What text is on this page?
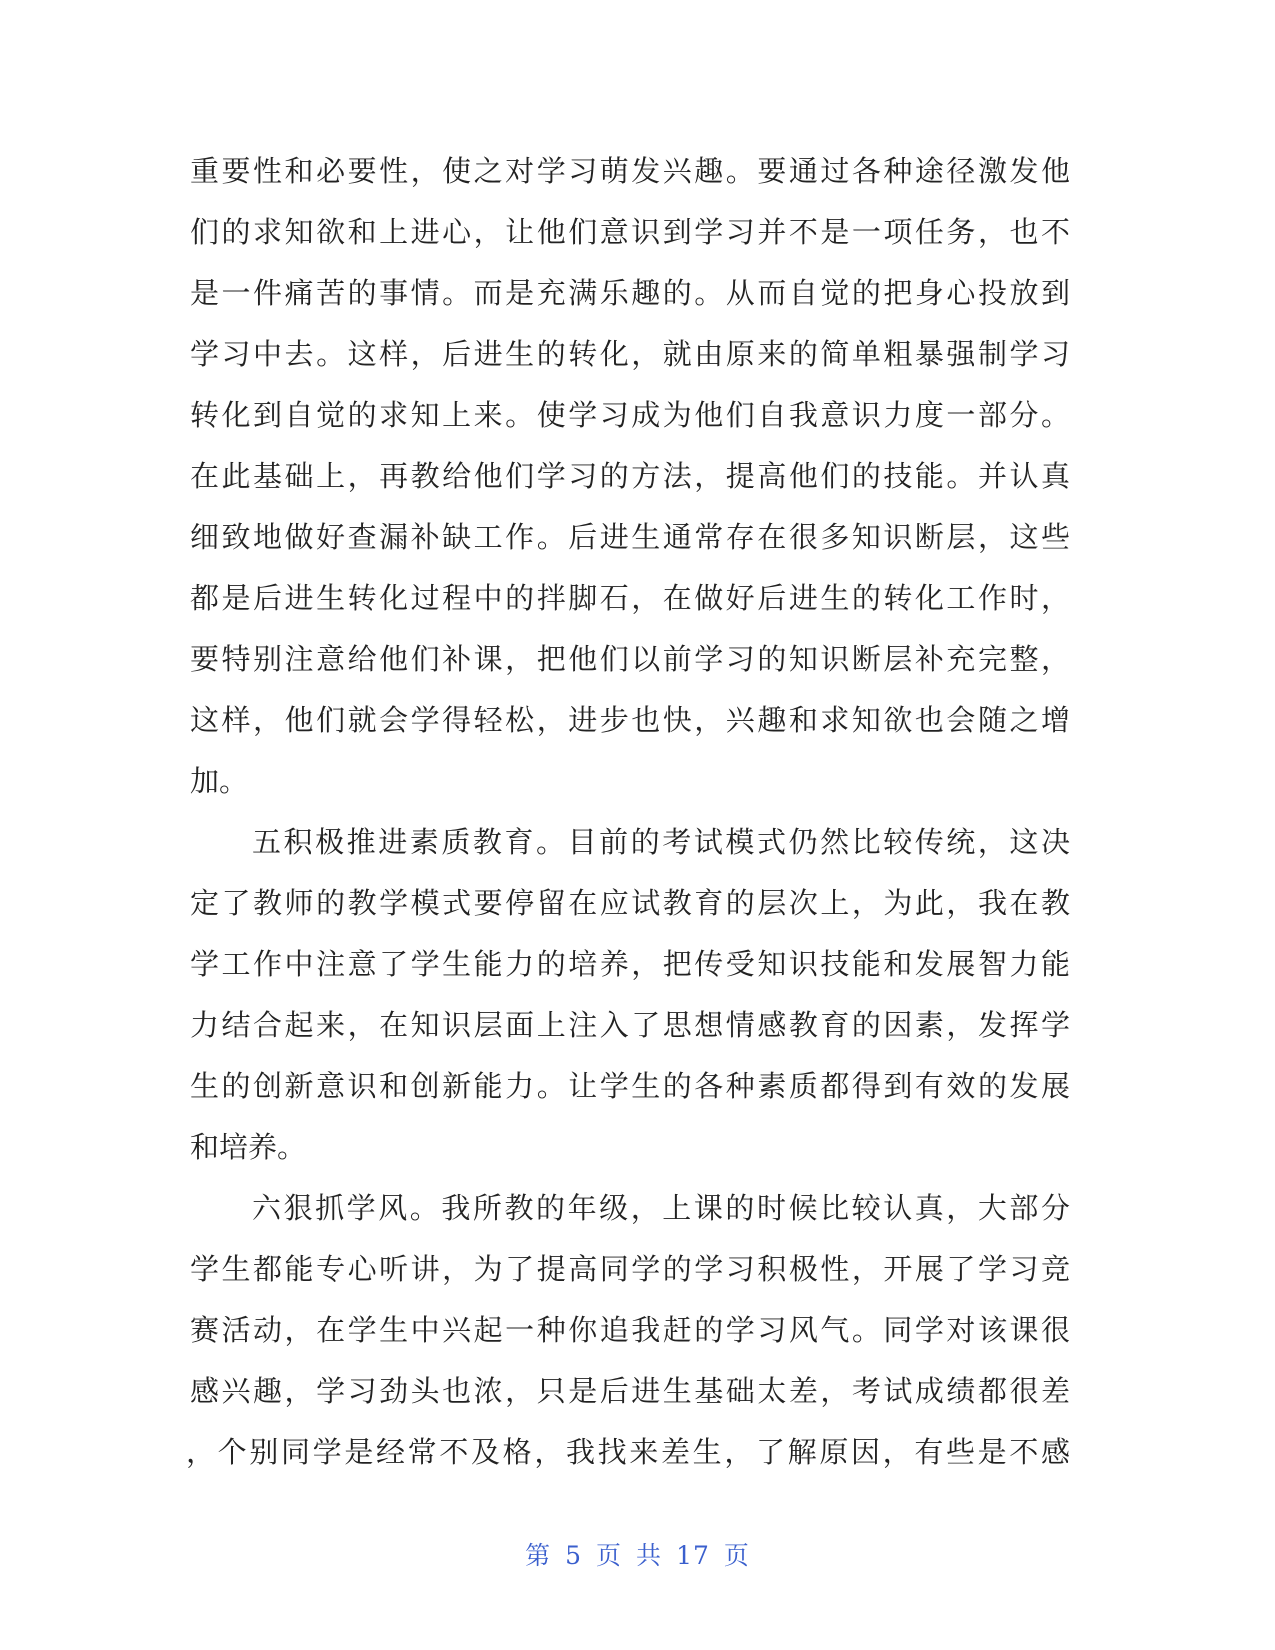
重要性和必要性，使之对学习萌发兴趣。要通过各种途径激发他
们的求知欲和上进心，让他们意识到学习并不是一项任务，也不
是一件痛苦的事情。而是充满乐趣的。从而自觉的把身心投放到
学习中去。这样，后进生的转化，就由原来的简单粗暴强制学习
转化到自觉的求知上来。使学习成为他们自我意识力度一部分。
在此基础上，再教给他们学习的方法，提高他们的技能。并认真
细致地做好查漏补缺工作。后进生通常存在很多知识断层，这些
都是后进生转化过程中的拌脚石，在做好后进生的转化工作时，
要特别注意给他们补课，把他们以前学习的知识断层补充完整，
这样，他们就会学得轻松，进步也快，兴趣和求知欲也会随之增
加。
五积极推进素质教育。目前的考试模式仍然比较传统，这决
定了教师的教学模式要停留在应试教育的层次上，为此，我在教
学工作中注意了学生能力的培养，把传受知识技能和发展智力能
力结合起来，在知识层面上注入了思想情感教育的因素，发挥学
生的创新意识和创新能力。让学生的各种素质都得到有效的发展
和培养。
六狠抓学风。我所教的年级，上课的时候比较认真，大部分
学生都能专心听讲，为了提高同学的学习积极性，开展了学习竞
赛活动，在学生中兴起一种你追我赶的学习风气。同学对该课很
感兴趣，学习劲头也浓，只是后进生基础太差，考试成绩都很差
，个别同学是经常不及格，我找来差生，了解原因，有些是不感
第 5 页 共 17 页
